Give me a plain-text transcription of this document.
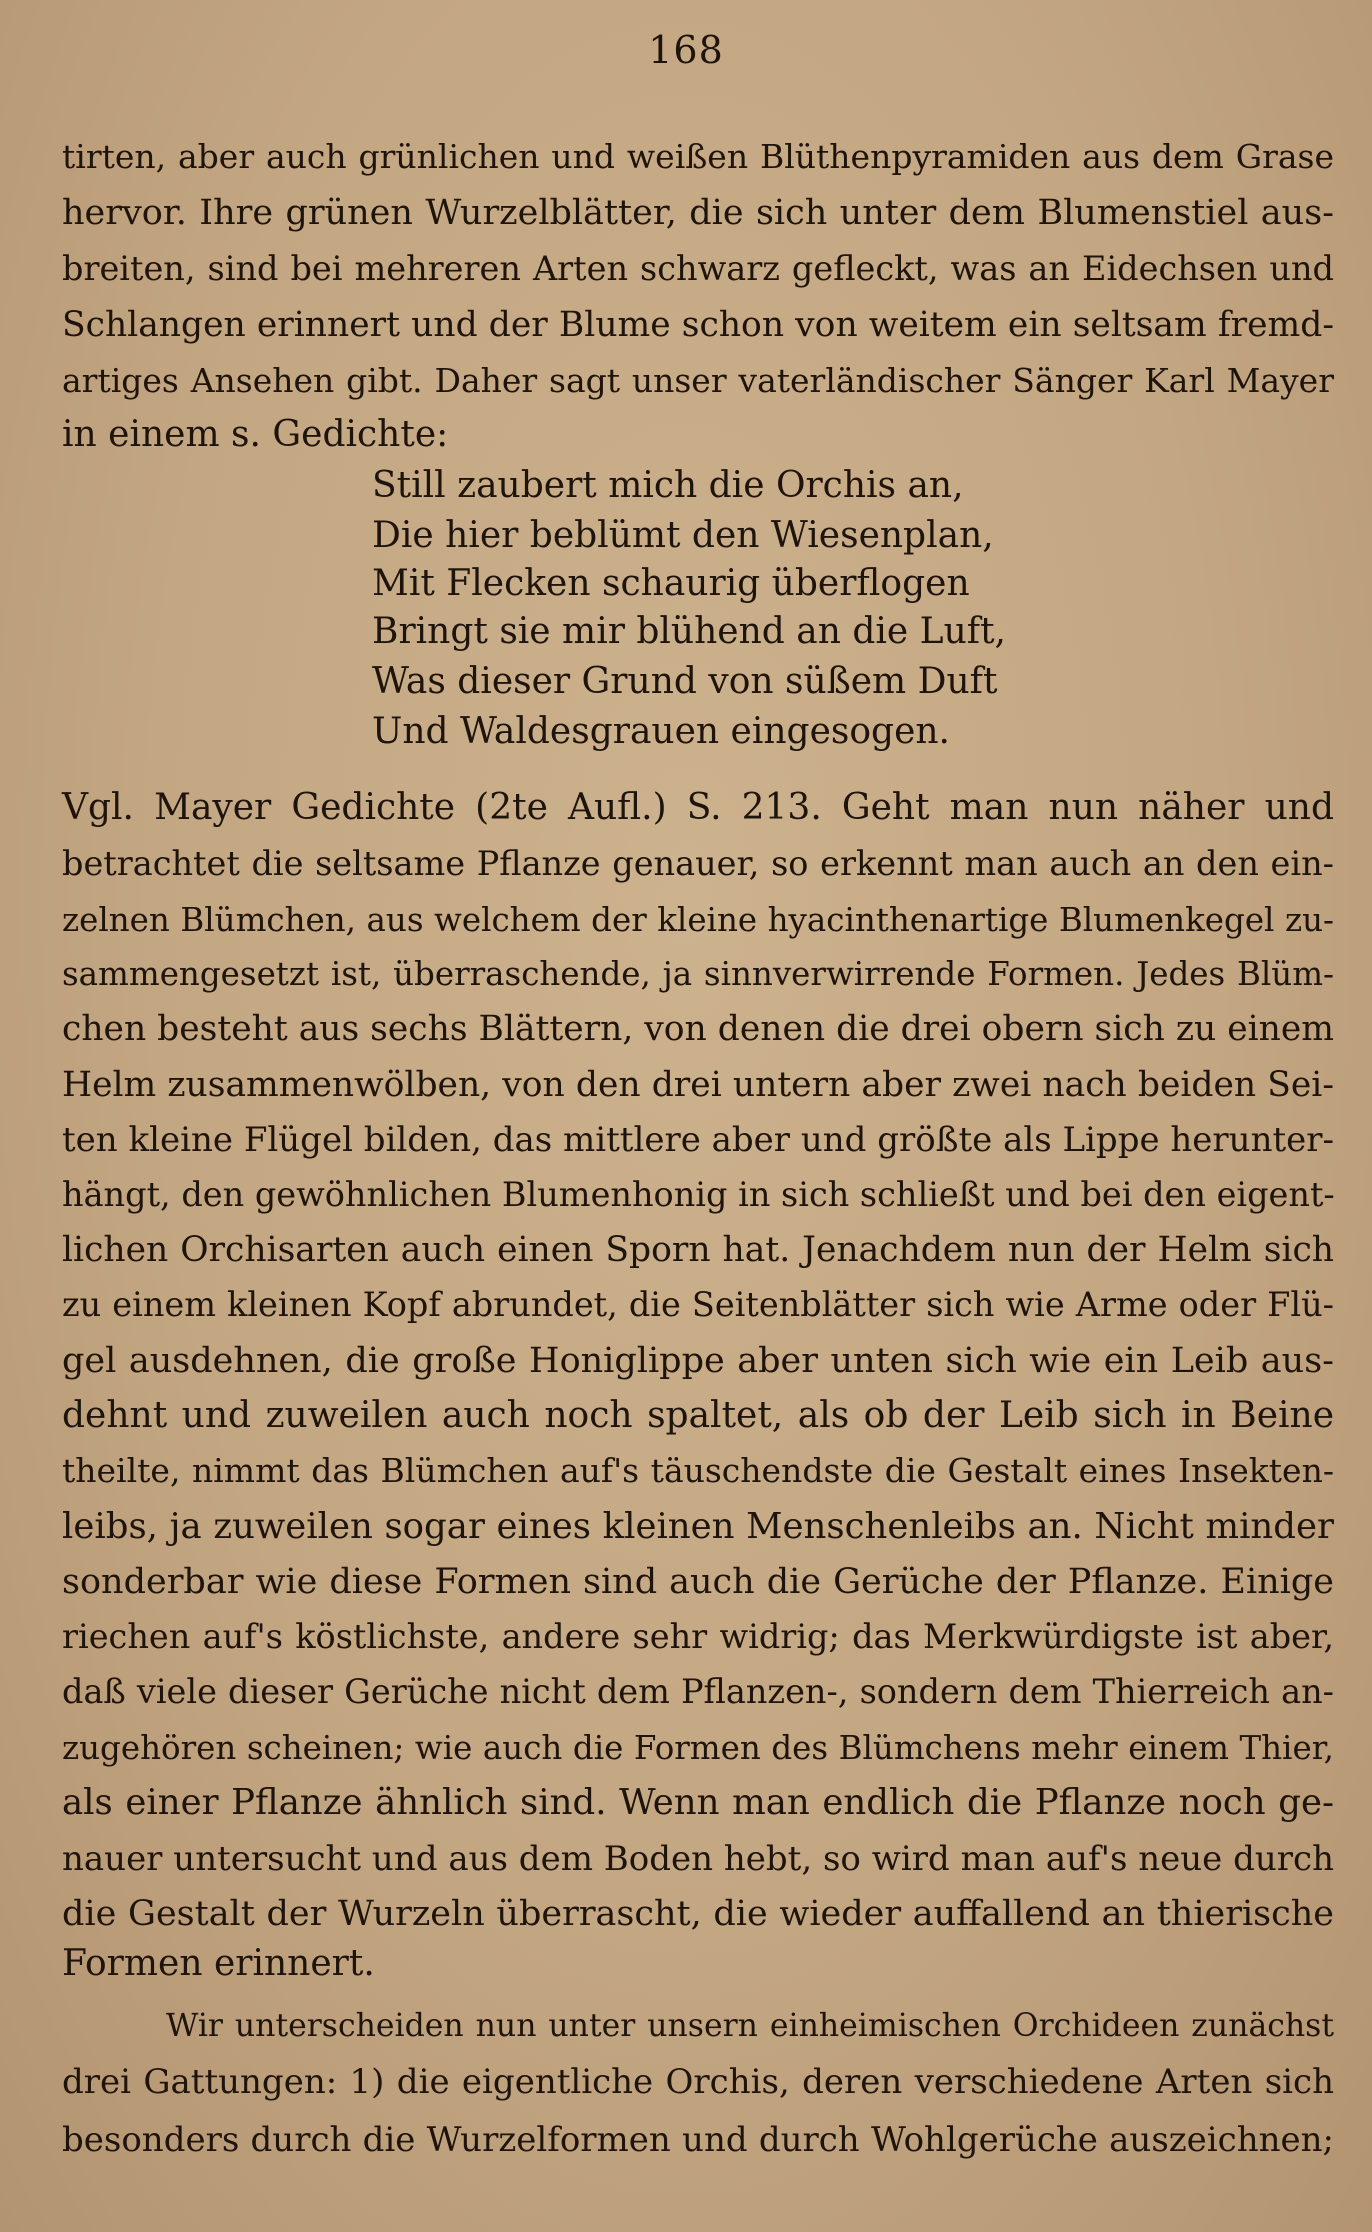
168
tirten, aber auch grünlichen und weißen Blüthenpyramiden aus dem Grase
hervor. Ihre grünen Wurzelblätter, die sich unter dem Blumenstiel aus-
breiten, sind bei mehreren Arten schwarz gefleckt, was an Eidechsen und
Schlangen erinnert und der Blume schon von weitem ein seltsam fremd-
artiges Ansehen gibt. Daher sagt unser vaterländischer Sänger Karl Mayer
in einem s. Gedichte:
Still zaubert mich die Orchis an,
Die hier beblümt den Wiesenplan,
Mit Flecken schaurig überflogen
Bringt sie mir blühend an die Luft,
Was dieser Grund von süßem Duft
Und Waldesgrauen eingesogen.
Vgl. Mayer Gedichte (2te Aufl.) S. 213. Geht man nun näher und
betrachtet die seltsame Pflanze genauer, so erkennt man auch an den ein-
zelnen Blümchen, aus welchem der kleine hyacinthenartige Blumenkegel zu-
sammengesetzt ist, überraschende, ja sinnverwirrende Formen. Jedes Blüm-
chen besteht aus sechs Blättern, von denen die drei obern sich zu einem
Helm zusammenwölben, von den drei untern aber zwei nach beiden Sei-
ten kleine Flügel bilden, das mittlere aber und größte als Lippe herunter-
hängt, den gewöhnlichen Blumenhonig in sich schließt und bei den eigent-
lichen Orchisarten auch einen Sporn hat. Jenachdem nun der Helm sich
zu einem kleinen Kopf abrundet, die Seitenblätter sich wie Arme oder Flü-
gel ausdehnen, die große Honiglippe aber unten sich wie ein Leib aus-
dehnt und zuweilen auch noch spaltet, als ob der Leib sich in Beine
theilte, nimmt das Blümchen auf's täuschendste die Gestalt eines Insekten-
leibs, ja zuweilen sogar eines kleinen Menschenleibs an. Nicht minder
sonderbar wie diese Formen sind auch die Gerüche der Pflanze. Einige
riechen auf's köstlichste, andere sehr widrig; das Merkwürdigste ist aber,
daß viele dieser Gerüche nicht dem Pflanzen-, sondern dem Thierreich an-
zugehören scheinen; wie auch die Formen des Blümchens mehr einem Thier,
als einer Pflanze ähnlich sind. Wenn man endlich die Pflanze noch ge-
nauer untersucht und aus dem Boden hebt, so wird man auf's neue durch
die Gestalt der Wurzeln überrascht, die wieder auffallend an thierische
Formen erinnert.
Wir unterscheiden nun unter unsern einheimischen Orchideen zunächst
drei Gattungen: 1) die eigentliche Orchis, deren verschiedene Arten sich
besonders durch die Wurzelformen und durch Wohlgerüche auszeichnen;
